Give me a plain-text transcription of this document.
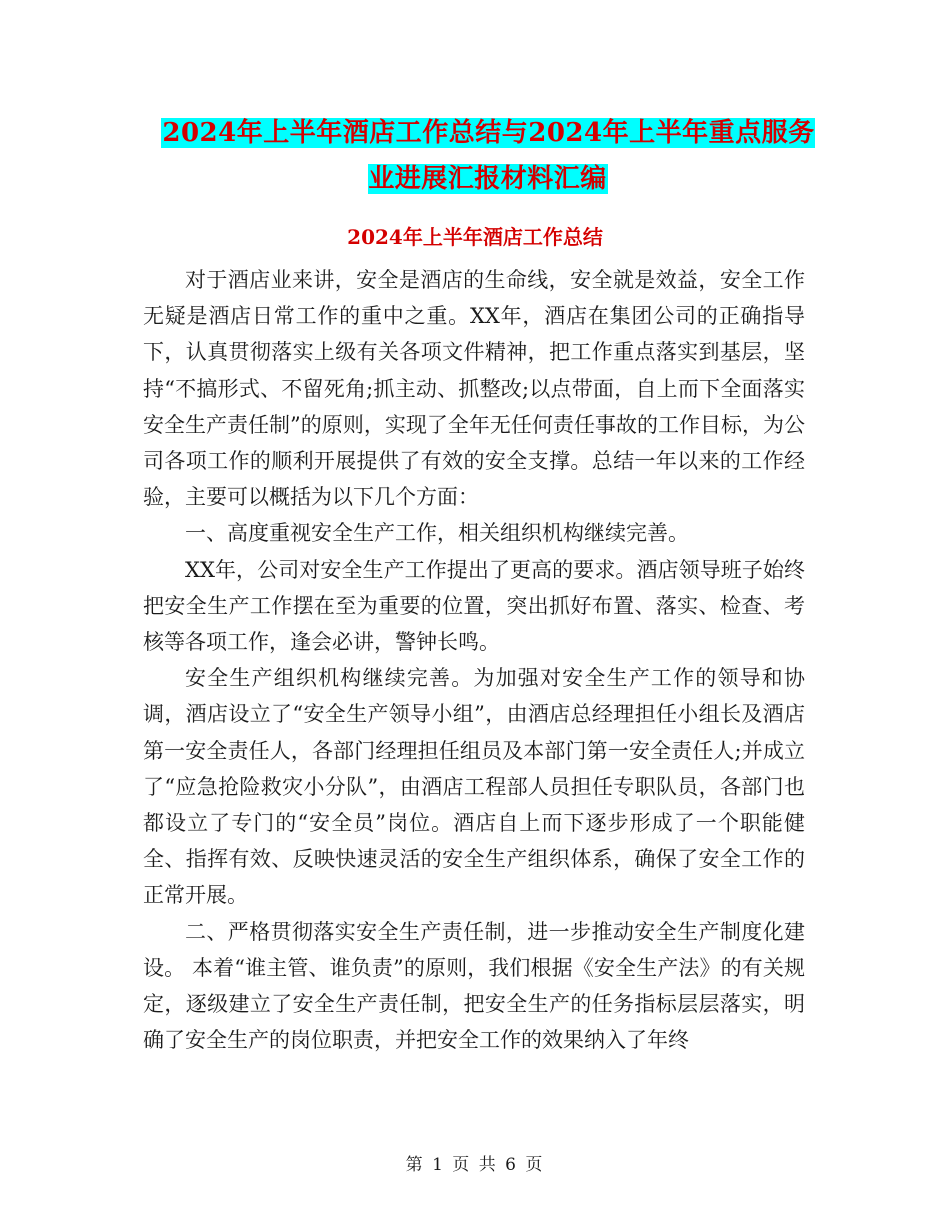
2024年上半年酒店工作总结与2024年上半年重点服务业进展汇报材料汇编
2024年上半年酒店工作总结

对于酒店业来讲，安全是酒店的生命线，安全就是效益，安全工作无疑是酒店日常工作的重中之重。XX年，酒店在集团公司的正确指导下，认真贯彻落实上级有关各项文件精神，把工作重点落实到基层，坚持“不搞形式、不留死角;抓主动、抓整改;以点带面，自上而下全面落实安全生产责任制”的原则，实现了全年无任何责任事故的工作目标，为公司各项工作的顺利开展提供了有效的安全支撑。总结一年以来的工作经验，主要可以概括为以下几个方面：

一、高度重视安全生产工作，相关组织机构继续完善。

XX年，公司对安全生产工作提出了更高的要求。酒店领导班子始终把安全生产工作摆在至为重要的位置，突出抓好布置、落实、检查、考核等各项工作，逢会必讲，警钟长鸣。

安全生产组织机构继续完善。为加强对安全生产工作的领导和协调，酒店设立了“安全生产领导小组”，由酒店总经理担任小组长及酒店第一安全责任人，各部门经理担任组员及本部门第一安全责任人;并成立了“应急抢险救灾小分队”，由酒店工程部人员担任专职队员，各部门也都设立了专门的“安全员”岗位。酒店自上而下逐步形成了一个职能健全、指挥有效、反映快速灵活的安全生产组织体系，确保了安全工作的正常开展。

二、严格贯彻落实安全生产责任制，进一步推动安全生产制度化建设。 本着“谁主管、谁负责”的原则，我们根据《安全生产法》的有关规定，逐级建立了安全生产责任制，把安全生产的任务指标层层落实，明确了安全生产的岗位职责，并把安全工作的效果纳入了年终

第 1 页 共 6 页
